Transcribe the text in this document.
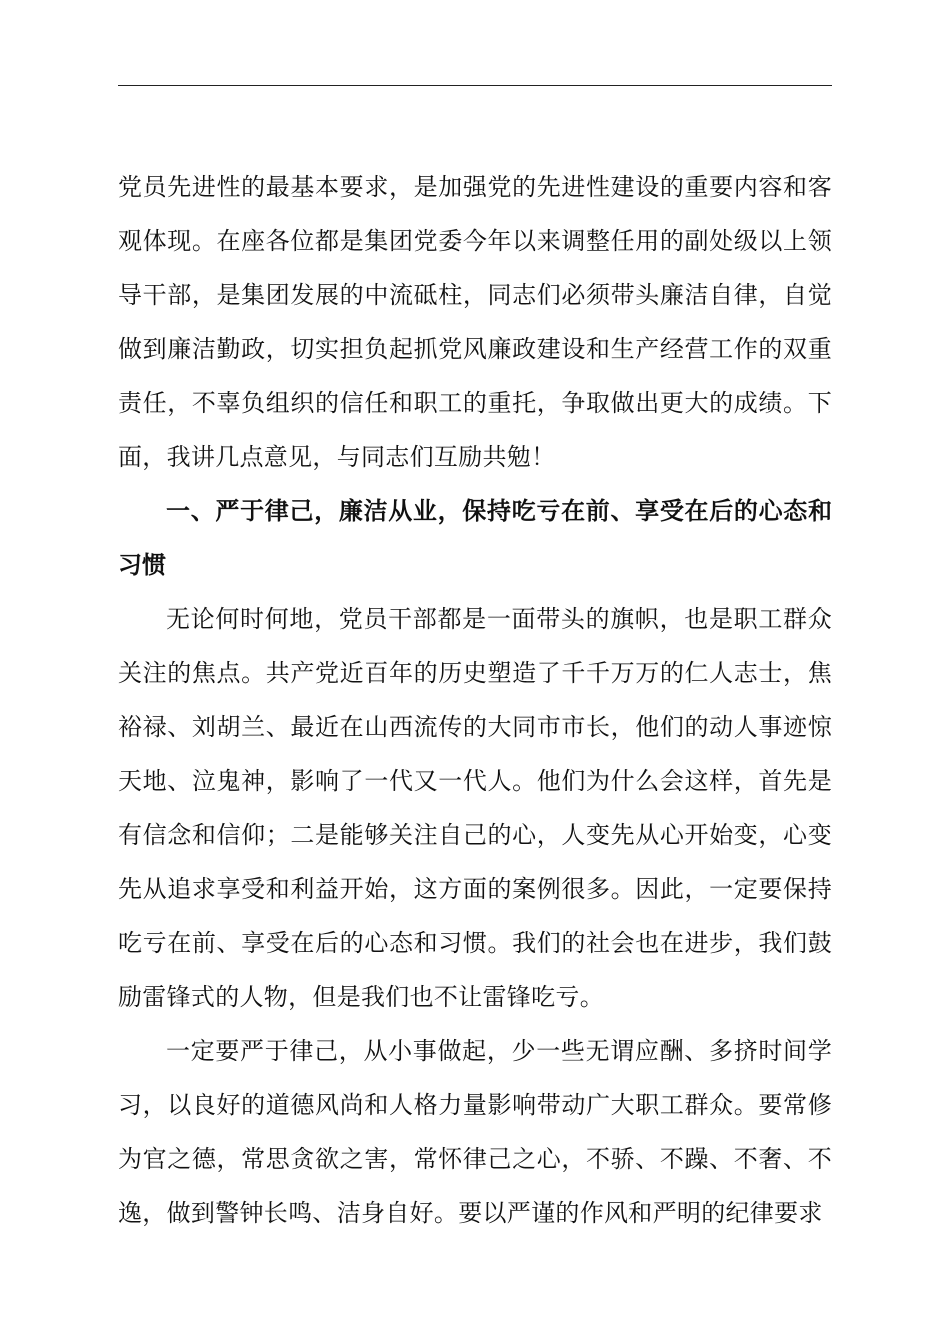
党员先进性的最基本要求，是加强党的先进性建设的重要内容和客观体现。在座各位都是集团党委今年以来调整任用的副处级以上领导干部，是集团发展的中流砥柱，同志们必须带头廉洁自律，自觉做到廉洁勤政，切实担负起抓党风廉政建设和生产经营工作的双重责任，不辜负组织的信任和职工的重托，争取做出更大的成绩。下面，我讲几点意见，与同志们互励共勉！

一、严于律己，廉洁从业，保持吃亏在前、享受在后的心态和习惯

无论何时何地，党员干部都是一面带头的旗帜，也是职工群众关注的焦点。共产党近百年的历史塑造了千千万万的仁人志士，焦裕禄、刘胡兰、最近在山西流传的大同市市长，他们的动人事迹惊天地、泣鬼神，影响了一代又一代人。他们为什么会这样，首先是有信念和信仰；二是能够关注自己的心，人变先从心开始变，心变先从追求享受和利益开始，这方面的案例很多。因此，一定要保持吃亏在前、享受在后的心态和习惯。我们的社会也在进步，我们鼓励雷锋式的人物，但是我们也不让雷锋吃亏。

一定要严于律己，从小事做起，少一些无谓应酬、多挤时间学习，以良好的道德风尚和人格力量影响带动广大职工群众。要常修为官之德，常思贪欲之害，常怀律己之心，不骄、不躁、不奢、不逸，做到警钟长鸣、洁身自好。要以严谨的作风和严明的纪律要求
